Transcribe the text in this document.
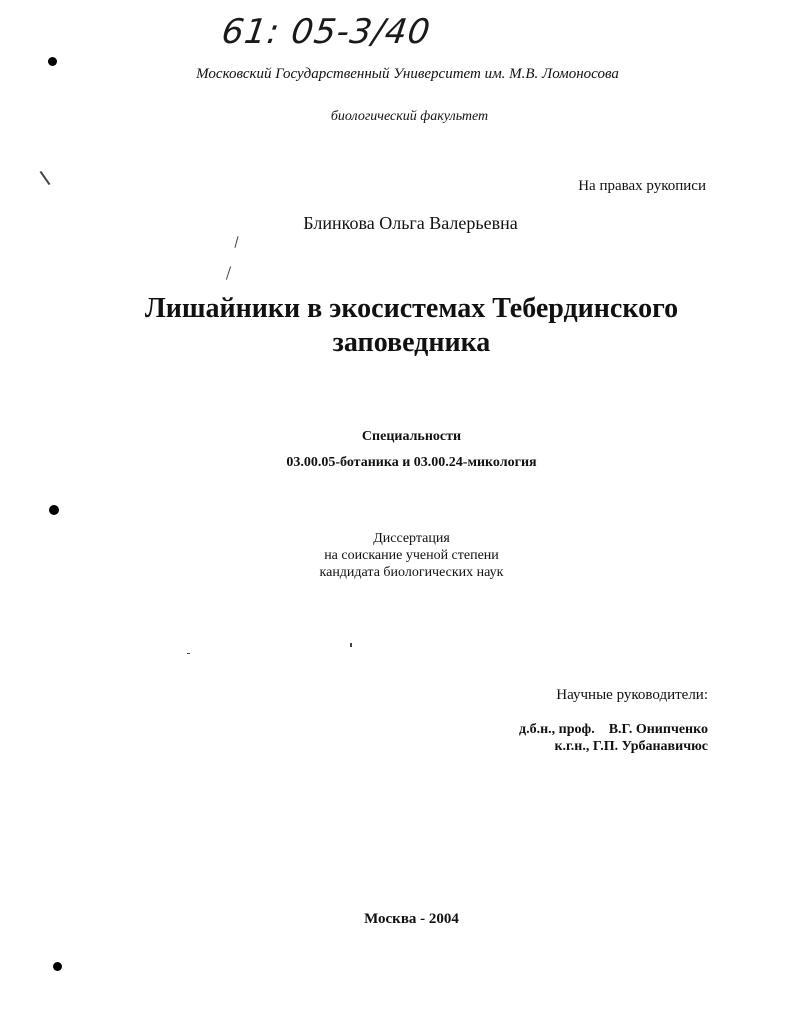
61: 05-3/40
Московский Государственный Университет им. М.В. Ломоносова
биологический факультет
На правах рукописи
Блинкова Ольга Валерьевна
Лишайники в экосистемах Тебердинского
заповедника
Специальности
03.00.05-ботаника и 03.00.24-микология
Диссертация
на соискание ученой степени
кандидата биологических наук
Научные руководители:
д.б.н., проф.    В.Г. Онипченко
к.г.н., Г.П. Урбанавичюс
Москва - 2004
